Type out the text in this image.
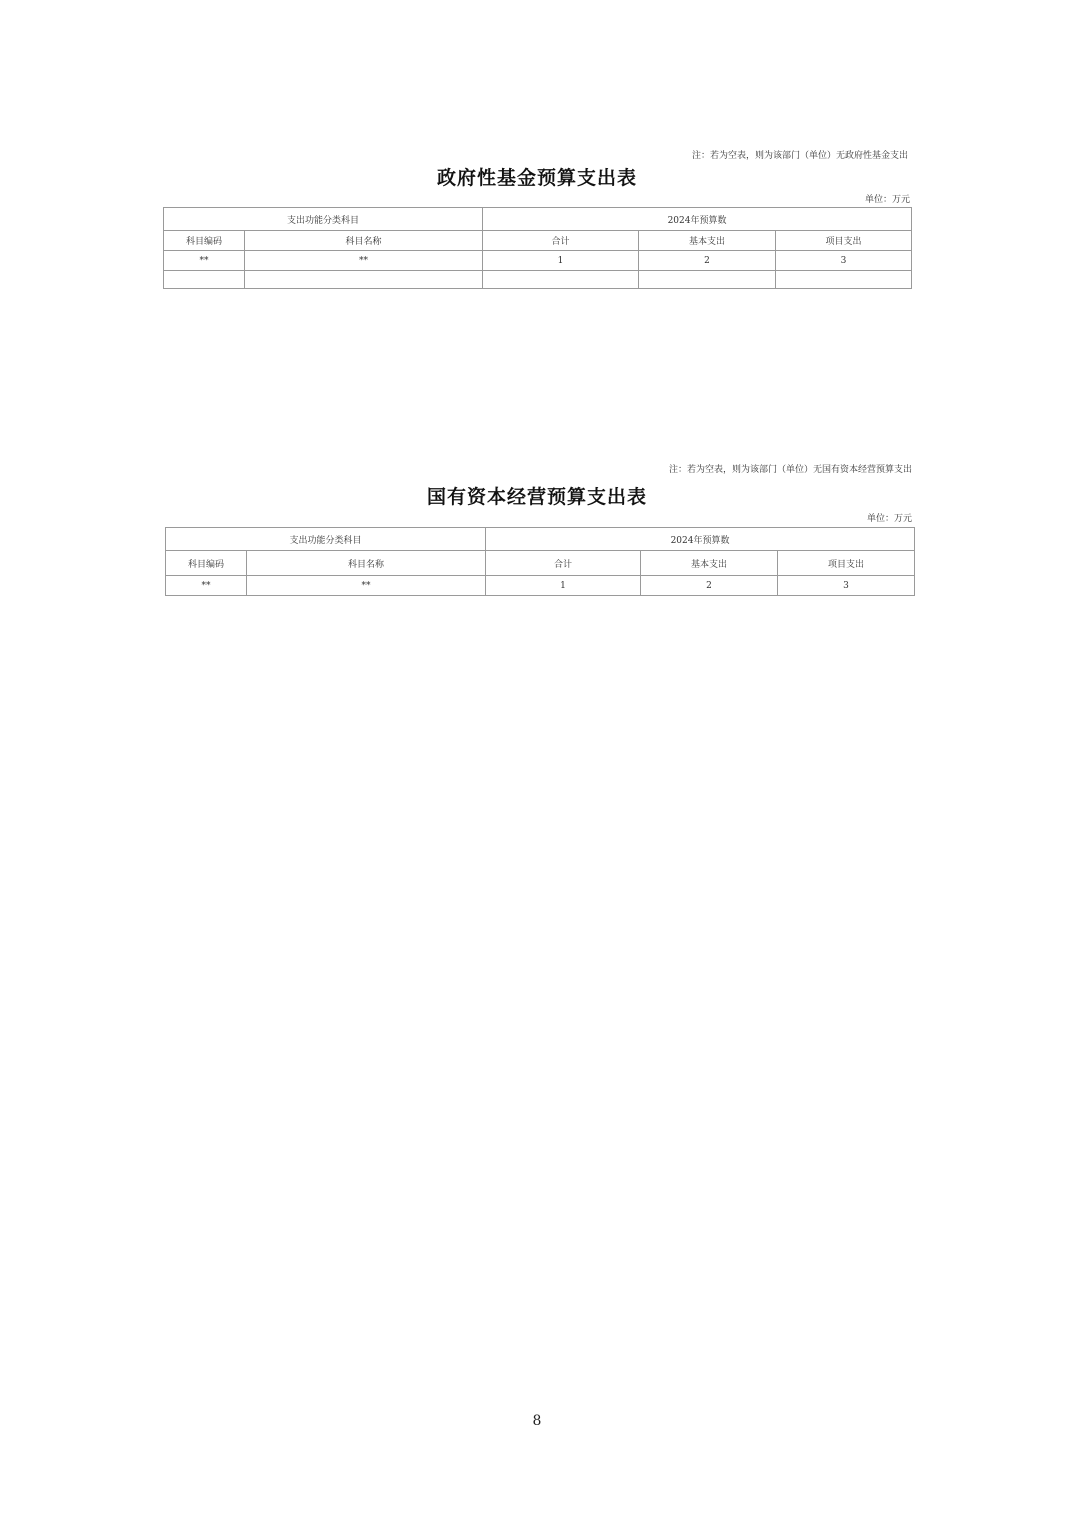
注：若为空表，则为该部门（单位）无政府性基金支出
政府性基金预算支出表
单位：万元
支出功能分类科目		2024年预算数		
科目编码	科目名称	合计	基本支出	项目支出
**	**	1	2	3

注：若为空表，则为该部门（单位）无国有资本经营预算支出
国有资本经营预算支出表
单位：万元
支出功能分类科目		2024年预算数		
科目编码	科目名称	合计	基本支出	项目支出
**	**	1	2	3
8
